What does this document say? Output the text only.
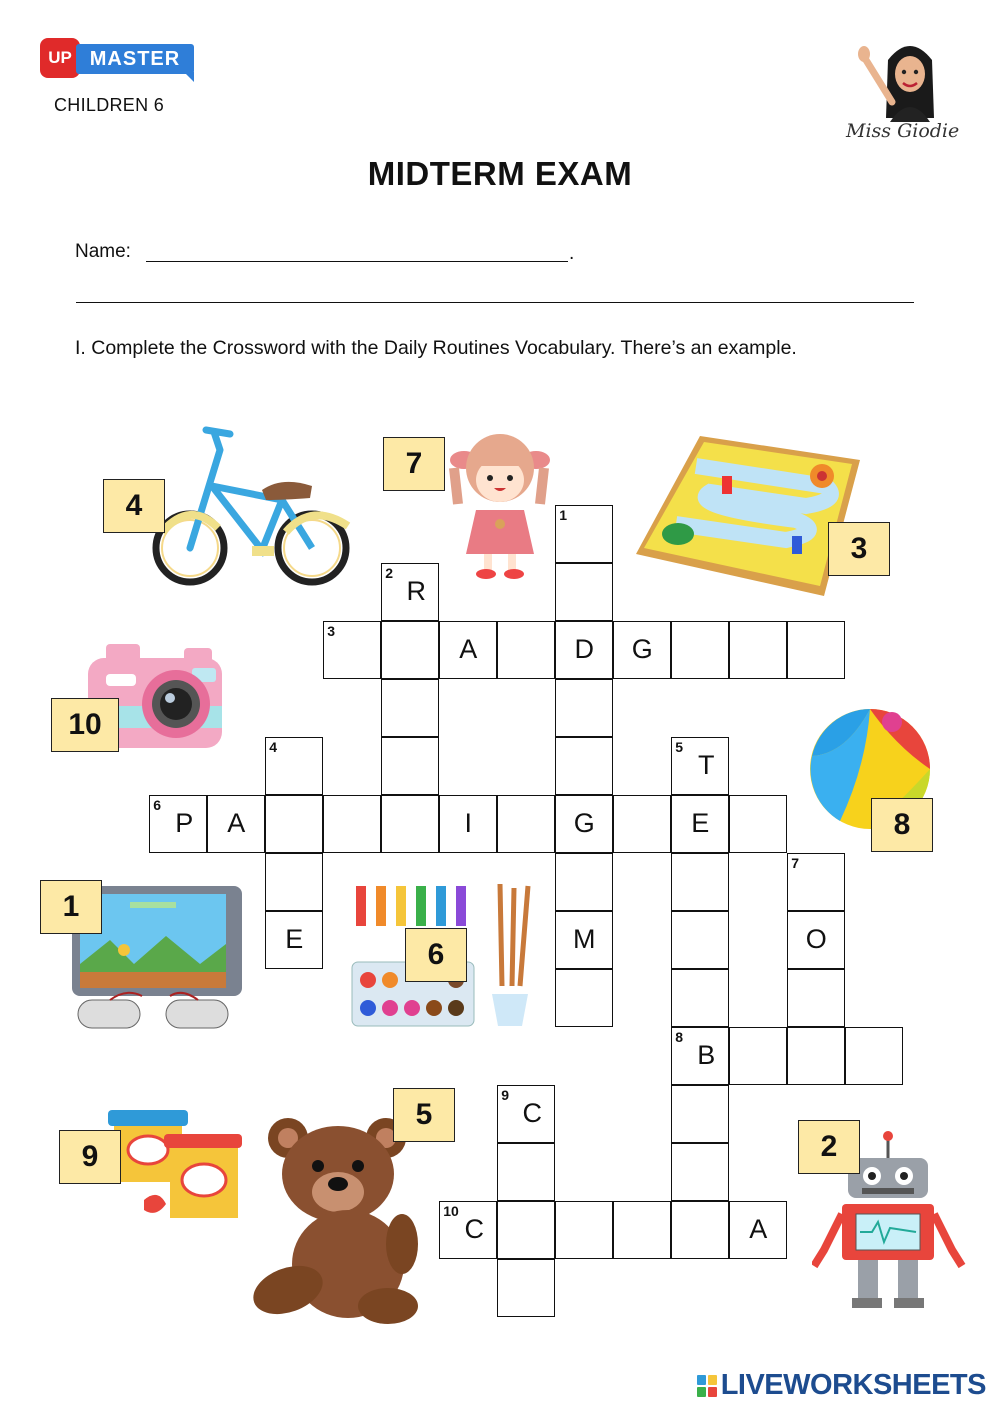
UP MASTER
CHILDREN 6
Miss Giodie
MIDTERM EXAM
Name:	.
I. Complete the Crossword with the Daily Routines Vocabulary. There’s an example.
1
2
R
3
A	D	G
4	5
T
6
P	A	I	G	E
7
E	M	O
8
B
9
C
10
C	A
4
7
3
10
8
1
6
9
5
2
LIVEWORKSHEETS
